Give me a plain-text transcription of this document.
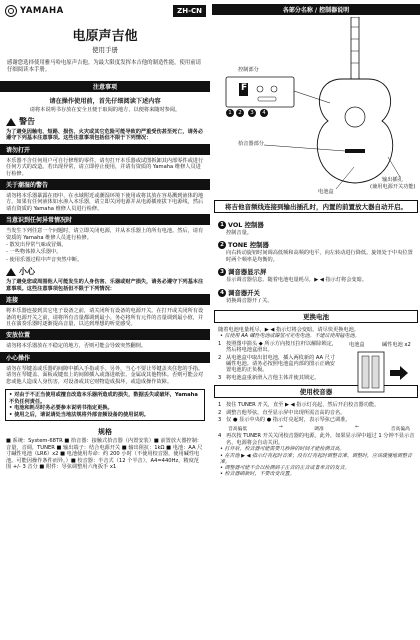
YAMAHA	ZH-CN
电原声吉他
使用手册
感谢您选择使用雅马哈电原声吉他。为最大限度发挥本吉他的制造性能，使用前请仔细阅读本手册。
注意事项
请在操作使用前，首先仔细阅读下述内容
请将本说明书存放在安全且便于取阅的地方，以便将来随时参阅。
警告
为了避免因触电、短路、损伤、火灾或其它危险可能导致的严重受伤甚至死亡，请务必遵守下列基本注意事项。这些注意事项包括但不限于下列情况：
请勿打开
本乐器不含任何用户可自行修理的零件。请勿打开本乐器或试图拆卸其内部零件或进行任何方式的改造。若出现异常，请立即停止使用，并请有资质的 Yamaha 维修人员进行检修。
关于潮湿的警告
请勿将本乐器暴露在雨中、在水域附近或潮湿环境下使用或将其放在容易溅到液体的地方。如果有任何液体如水渗入本乐器，请立即关闭电源并从电源插座拔下电源线，然后请有资质的 Yamaha 维修人员进行检修。
当意识到任何异常情况时
当发生下列任意一个问题时，请立即关闭电源，并从本乐器上的所有电池。然后，请有资质的 Yamaha 维修人员进行检修。
- 散发出异常气味或冒烟。
- 一些物体掉入乐器中。
- 使用乐器过程中声音突然中断。
小心
为了避免您或周围他人可能发生的人身伤害、乐器或财产损失，请务必遵守下列基本注意事项。这些注意事项包括但不限于下列情况：
连接
将本乐器连接到其它电子设备之前，请关闭所有设备的电源开关。在打开或关闭所有设备的电源开关之前，请将所有音量都调到最小。务必将所有元件的音量调到最小值，并且在演奏乐器时逐渐提高音量，以达到理想的听觉感受。
安放位置
请勿将本乐器放在不稳定的地方，否则可能会导致突然翻倒。
小心操作
请勿在琴键盖或乐器的间隙中插入手指或手。另外，当心不要让琴键盖夹住您的手指。请勿在琴键盖、面板或键盘上的间隙插入或落进纸张、金属或其他物体。否则可能会对您或他人造成人身伤害，对设备或其它财物造成损坏，或造成操作故障。
• 对由于不正当使用或擅自改造本乐器所造成的损失，数据丢失或破坏，Yamaha 不负任何责任。
• 电池和耗尽时务必要参本说明书指定更换。
• 使用之后，请说请处当地法规将外部音频设备的使用说明。
规格
■ 系统：System-68TR ■ 拾音器：接触式拾音器（内置安装）■ 前置放大器控制：音量，音调，TUNER ■ 输出端子：结合电源开关 ■ 输出阻抗：1kΩ ■ 电池：AA 尺寸碱性电池（LR6）x2 ■ 电池使用寿命：约 200 小时（不使用校音器，使用碱性电池。可能因操作条件而异。）■ 校音器：半音式（12 个半音），A4=440Hz，精度范围 +/- 3 音分 ■ 附件：导弦调整用六角扳手 x1
各部分名称 / 控制器说明
控制部分
F
1	2	3	4
拾音器部分
电池盒
输出插孔
(兼用电源开关功能)
将吉他音频线连接到输出插孔时，内置的前置放大器自动开启。
1 VOL 控制器
控制音量。
2 TONE 控制器
向右转动旋钮时间调高低频和高频的电平，向左转动进行降低。旋钮处于中央位置时两个频率是均衡的。
3 调音器显示屏
显示调音器信息。随着电池电量耗尽，▶ ◀ 指示灯将会变暗。
4 调音器开关
切换调音器开 / 关。
更换电池
随着电池电量耗尽，▶ ◀ 指示灯将会变暗。请尽快更换电池。
• 仅使用 AA 碱性电池或镍氢可充电电池。不建议使用锰电池。
1 按照图中箭头 ◆ 所示方向按压拉杆以解除锁定，然后将电池盒滑出。
2 从电池盒中取出旧电池，插入两枚新的 AA 尺寸碱性电池。请务必按照电池盒内部的图示正确安置电池的正负极。
3 将电池盒重新滑入吉他主体并使其锁定。
电池盒	碱性电池 x2
使用校音器
1 按住 TUNER 开关，直至 ▶ ◀ 指示灯亮起，然后开启校音器功能。
2 调整吉他琴弦，直至显示屏中出现所需音高的音名。
3 仅 ● 显示中央的 ● 指示灯亮起时，表示琴弦已调准。
音高偏低	→	调准	←	音高偏高
4 再次按 TUNER 开关关闭校音器的电源。此外，如果显示屏中超过 1 分钟不显示音名，电源将会自动关闭。
• 打开后，校音器可能需要几秒钟的时间才能检测音高。
• 在吉他 ▶ ◀ 指示灯亮起时音准；没有灯亮起时调整音准。调整时，应该缓慢地调整音准。
• 调整器可能不会以检测到子正音的正音或者单音的发音。
• 校音器刷新时，不要改变设置。
